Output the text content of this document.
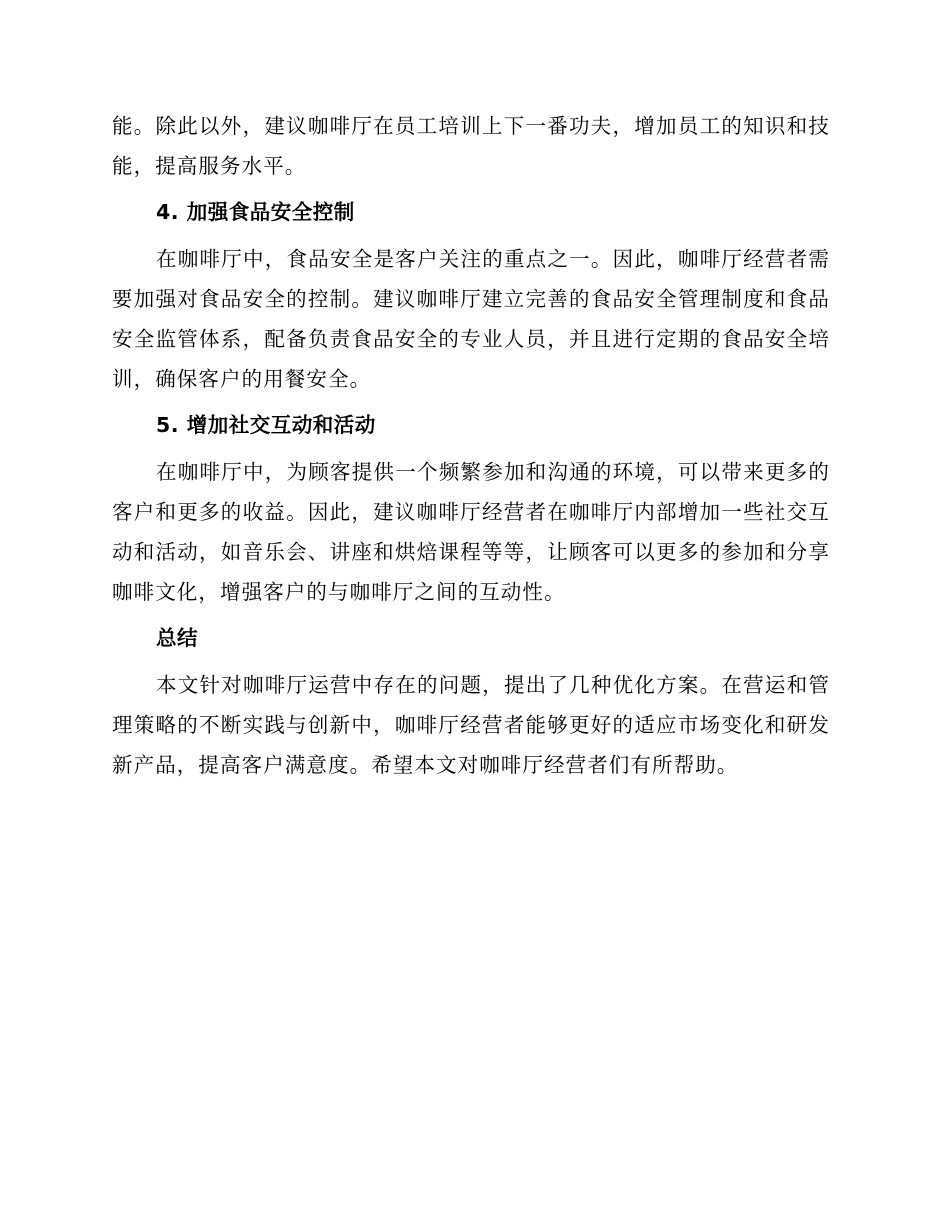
能。除此以外，建议咖啡厅在员工培训上下一番功夫，增加员工的知识和技能，提高服务水平。

4. 加强食品安全控制

在咖啡厅中，食品安全是客户关注的重点之一。因此，咖啡厅经营者需要加强对食品安全的控制。建议咖啡厅建立完善的食品安全管理制度和食品安全监管体系，配备负责食品安全的专业人员，并且进行定期的食品安全培训，确保客户的用餐安全。

5. 增加社交互动和活动

在咖啡厅中，为顾客提供一个频繁参加和沟通的环境，可以带来更多的客户和更多的收益。因此，建议咖啡厅经营者在咖啡厅内部增加一些社交互动和活动，如音乐会、讲座和烘焙课程等等，让顾客可以更多的参加和分享咖啡文化，增强客户的与咖啡厅之间的互动性。

总结

本文针对咖啡厅运营中存在的问题，提出了几种优化方案。在营运和管理策略的不断实践与创新中，咖啡厅经营者能够更好的适应市场变化和研发新产品，提高客户满意度。希望本文对咖啡厅经营者们有所帮助。
